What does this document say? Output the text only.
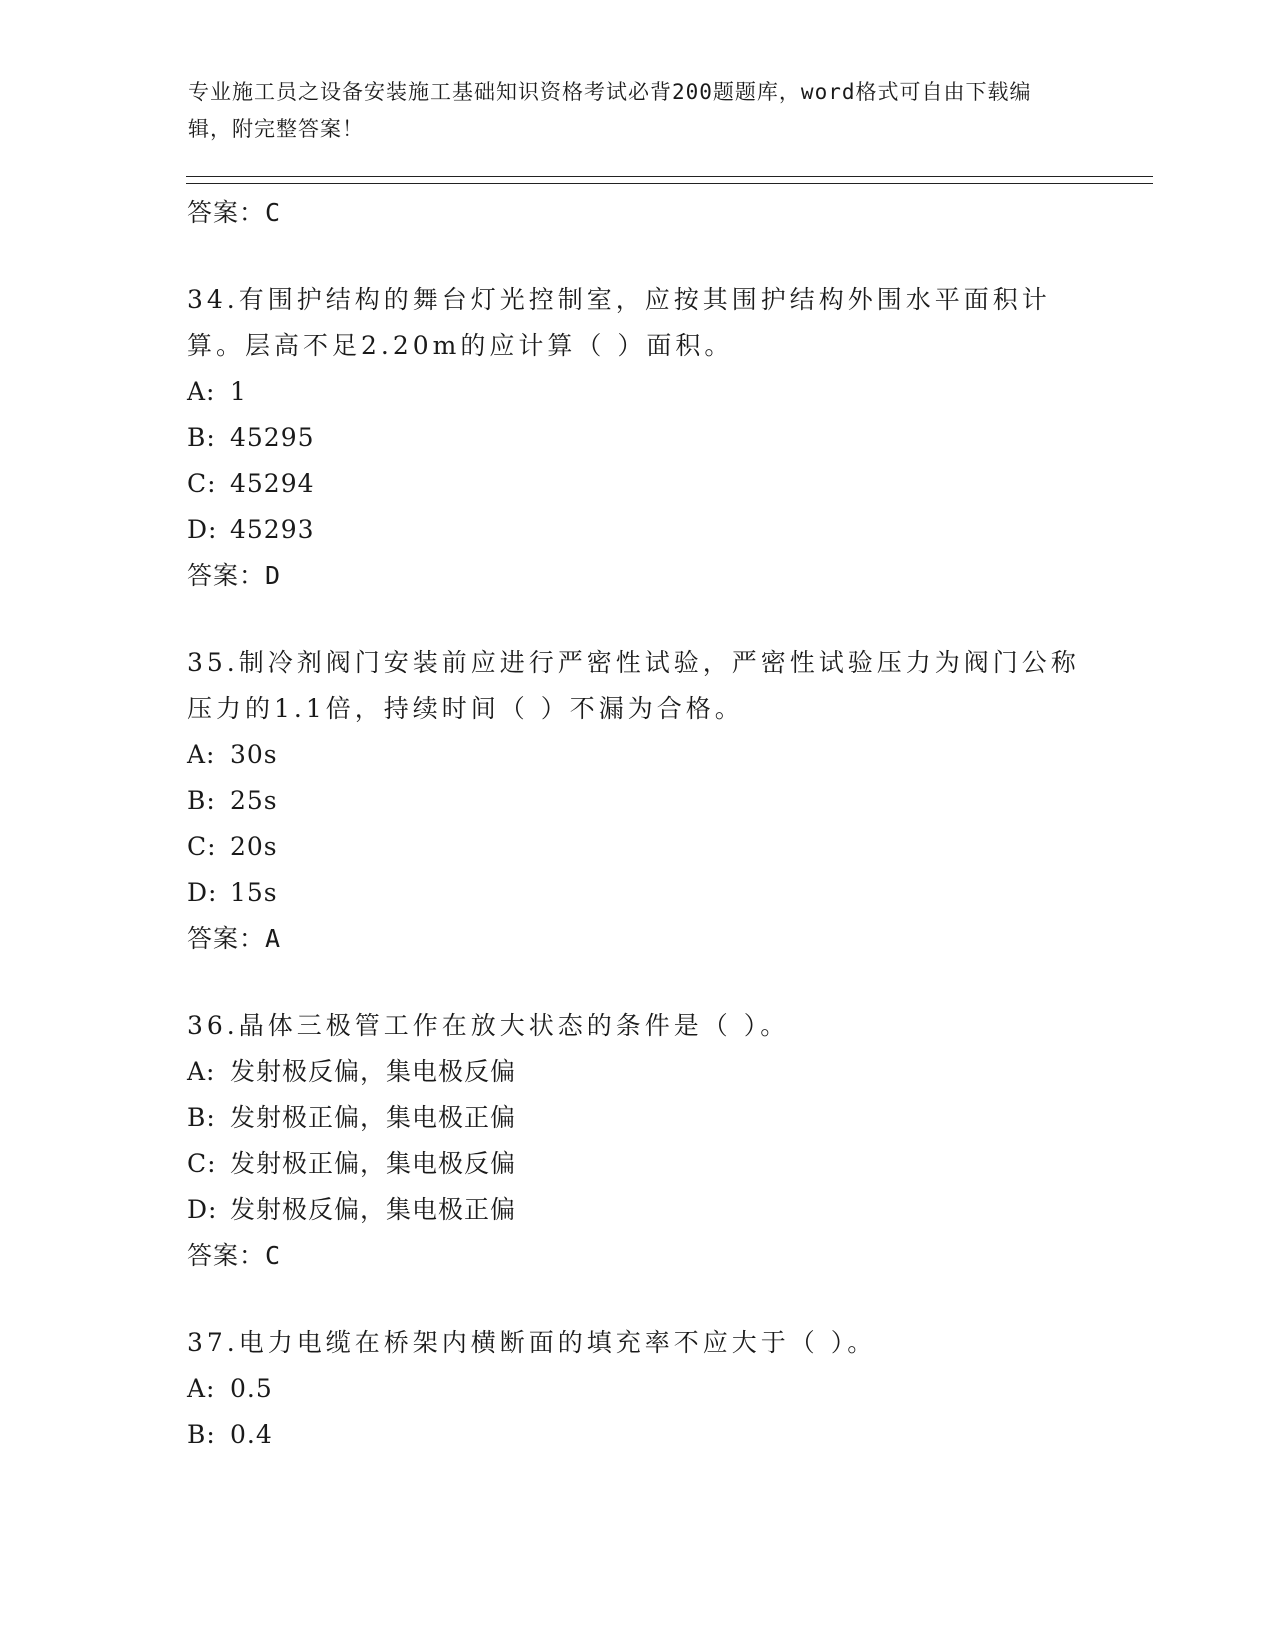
专业施工员之设备安装施工基础知识资格考试必背200题题库，word格式可自由下载编辑，附完整答案！

答案：C

34.有围护结构的舞台灯光控制室，应按其围护结构外围水平面积计算。层高不足2.20m的应计算（ ）面积。

A: 1

B: 45295

C: 45294

D: 45293

答案：D

35.制冷剂阀门安装前应进行严密性试验，严密性试验压力为阀门公称压力的1.1倍，持续时间（ ）不漏为合格。

A: 30s

B: 25s

C: 20s

D: 15s

答案：A

36.晶体三极管工作在放大状态的条件是（ ）。

A: 发射极反偏，集电极反偏

B: 发射极正偏，集电极正偏

C: 发射极正偏，集电极反偏

D: 发射极反偏，集电极正偏

答案：C

37.电力电缆在桥架内横断面的填充率不应大于（ ）。

A: 0.5

B: 0.4
